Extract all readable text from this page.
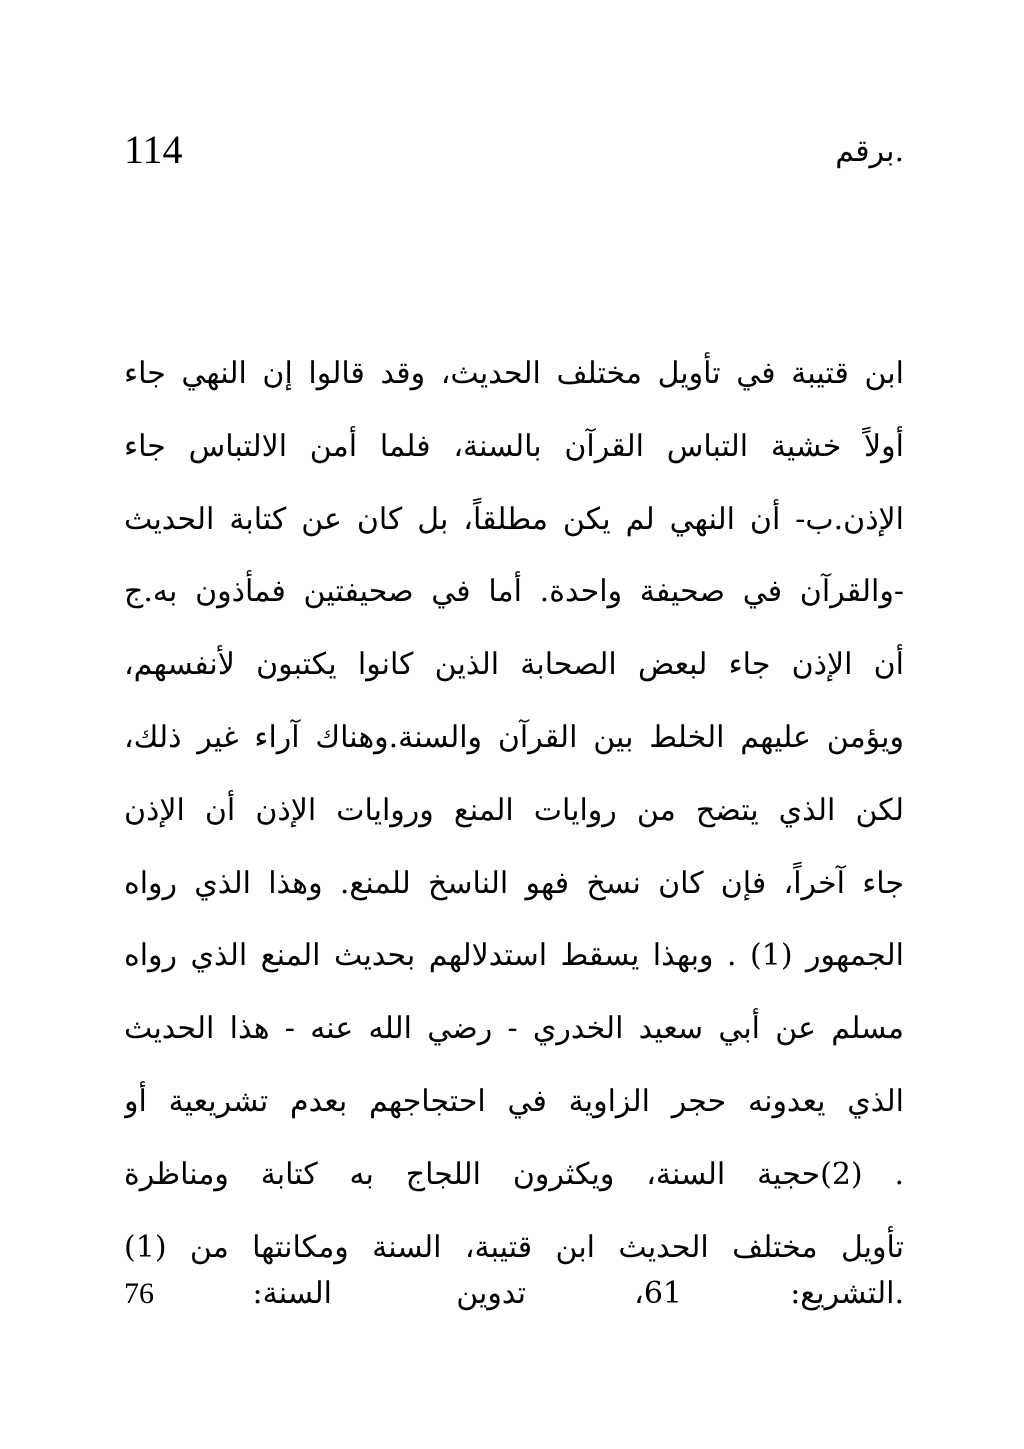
114	.برقم
ابن قتيبة في تأويل مختلف الحديث، وقد قالوا إن النهي جاء
أولاً خشية التباس القرآن بالسنة، فلما أمن الالتباس جاء
الإذن.ب- أن النهي لم يكن مطلقاً، بل كان عن كتابة الحديث
-والقرآن في صحيفة واحدة. أما في صحيفتين فمأذون به.ج
أن الإذن جاء لبعض الصحابة الذين كانوا يكتبون لأنفسهم،
ويؤمن عليهم الخلط بين القرآن والسنة.وهناك آراء غير ذلك،
لكن الذي يتضح من روايات المنع وروايات الإذن أن الإذن
جاء آخراً، فإن كان نسخ فهو الناسخ للمنع. وهذا الذي رواه
الجمهور (1) . وبهذا يسقط استدلالهم بحديث المنع الذي رواه
مسلم عن أبي سعيد الخدري - رضي الله عنه - هذا الحديث
الذي يعدونه حجر الزاوية في احتجاجهم بعدم تشريعية أو
. (2)حجية السنة، ويكثرون اللجاج به كتابة ومناظرة
تأويل مختلف الحديث ابن قتيبة، السنة ومكانتها من (1)
.التشريع:
61،
تدوين
السنة:
76
